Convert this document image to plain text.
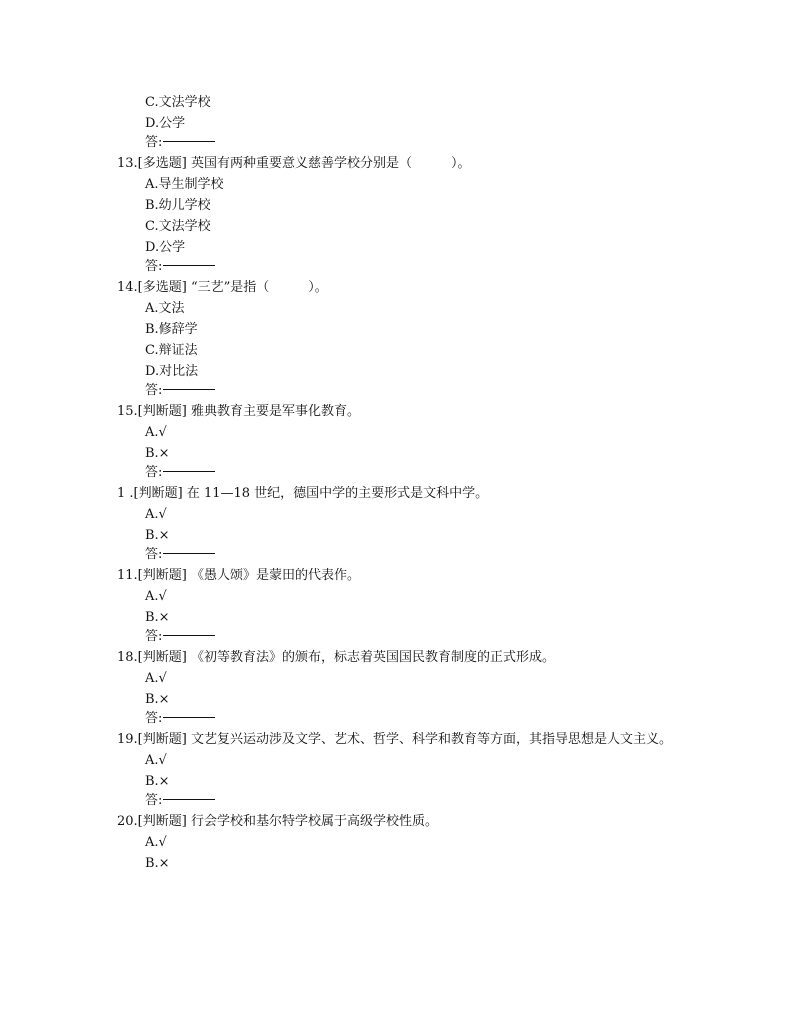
C.文法学校
D.公学
答:
13.[多选题] 英国有两种重要意义慈善学校分别是（　　　）。
A.导生制学校
B.幼儿学校
C.文法学校
D.公学
答:
14.[多选题] “三艺”是指（　　　）。
A.文法
B.修辞学
C.辩证法
D.对比法
答:
15.[判断题] 雅典教育主要是军事化教育。
A.√
B.×
答:
1 .[判断题] 在 11—18 世纪，德国中学的主要形式是文科中学。
A.√
B.×
答:
11.[判断题] 《愚人颂》是蒙田的代表作。
A.√
B.×
答:
18.[判断题] 《初等教育法》的颁布，标志着英国国民教育制度的正式形成。
A.√
B.×
答:
19.[判断题] 文艺复兴运动涉及文学、艺术、哲学、科学和教育等方面，其指导思想是人文主义。
A.√
B.×
答:
20.[判断题] 行会学校和基尔特学校属于高级学校性质。
A.√
B.×
